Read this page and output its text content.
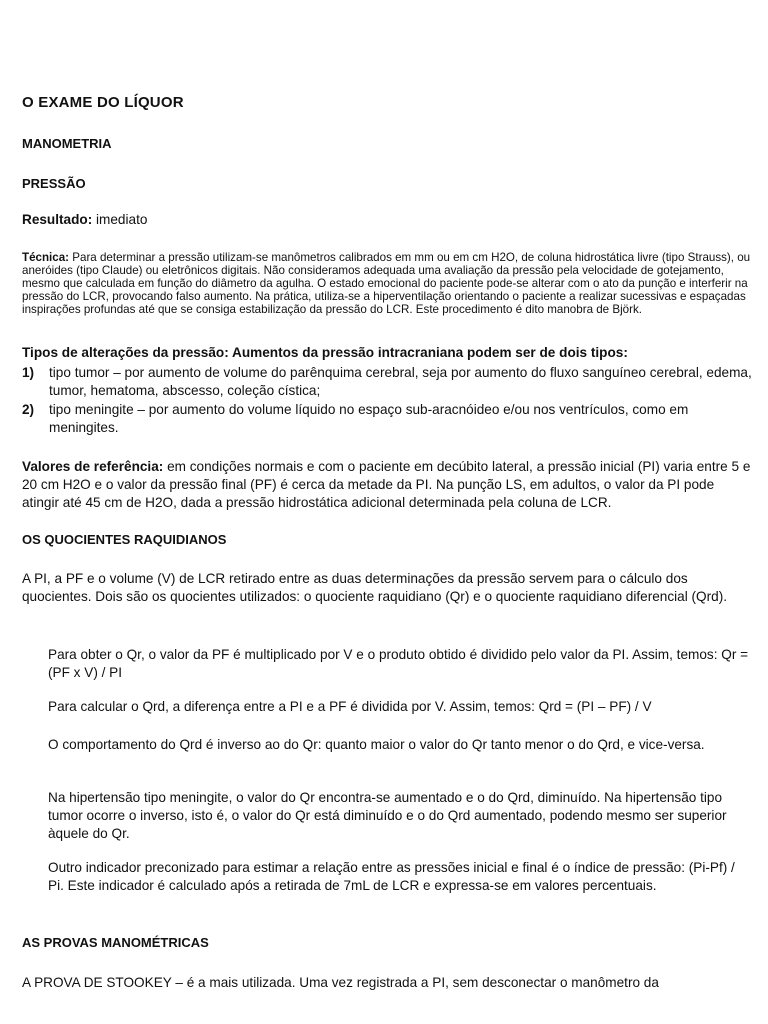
O EXAME DO LÍQUOR
MANOMETRIA
PRESSÃO

Resultado: imediato

Técnica: Para determinar a pressão utilizam-se manômetros calibrados em mm ou em cm H2O, de coluna hidrostática livre (tipo Strauss), ou aneróides (tipo Claude) ou eletrônicos digitais. Não consideramos adequada uma avaliação da pressão pela velocidade de gotejamento, mesmo que calculada em função do diâmetro da agulha. O estado emocional do paciente pode-se alterar com o ato da punção e interferir na pressão do LCR, provocando falso aumento. Na prática, utiliza-se a hiperventilação orientando o paciente a realizar sucessivas e espaçadas inspirações profundas até que se consiga estabilização da pressão do LCR. Este procedimento é dito manobra de Björk.

Tipos de alterações da pressão: Aumentos da pressão intracraniana podem ser de dois tipos:
1) tipo tumor – por aumento de volume do parênquima cerebral, seja por aumento do fluxo sanguíneo cerebral, edema, tumor, hematoma, abscesso, coleção cística;
2) tipo meningite – por aumento do volume líquido no espaço sub-aracnóideo e/ou nos ventrículos, como em meningites.

Valores de referência: em condições normais e com o paciente em decúbito lateral, a pressão inicial (PI) varia entre 5 e 20 cm H2O e o valor da pressão final (PF) é cerca da metade da PI. Na punção LS, em adultos, o valor da PI pode atingir até 45 cm de H2O, dada a pressão hidrostática adicional determinada pela coluna de LCR.

OS QUOCIENTES RAQUIDIANOS

A PI, a PF e o volume (V) de LCR retirado entre as duas determinações da pressão servem para o cálculo dos quocientes. Dois são os quocientes utilizados: o quociente raquidiano (Qr) e o quociente raquidiano diferencial (Qrd).

Para obter o Qr, o valor da PF é multiplicado por V e o produto obtido é dividido pelo valor da PI. Assim, temos: Qr = (PF x V) / PI

Para calcular o Qrd, a diferença entre a PI e a PF é dividida por V. Assim, temos: Qrd = (PI – PF) / V

O comportamento do Qrd é inverso ao do Qr: quanto maior o valor do Qr tanto menor o do Qrd, e vice-versa.

Na hipertensão tipo meningite, o valor do Qr encontra-se aumentado e o do Qrd, diminuído. Na hipertensão tipo tumor ocorre o inverso, isto é, o valor do Qr está diminuído e o do Qrd aumentado, podendo mesmo ser superior àquele do Qr.

Outro indicador preconizado para estimar a relação entre as pressões inicial e final é o índice de pressão: (Pi-Pf) / Pi. Este indicador é calculado após a retirada de 7mL de LCR e expressa-se em valores percentuais.

AS PROVAS MANOMÉTRICAS

A PROVA DE STOOKEY – é a mais utilizada. Uma vez registrada a PI, sem desconectar o manômetro da
